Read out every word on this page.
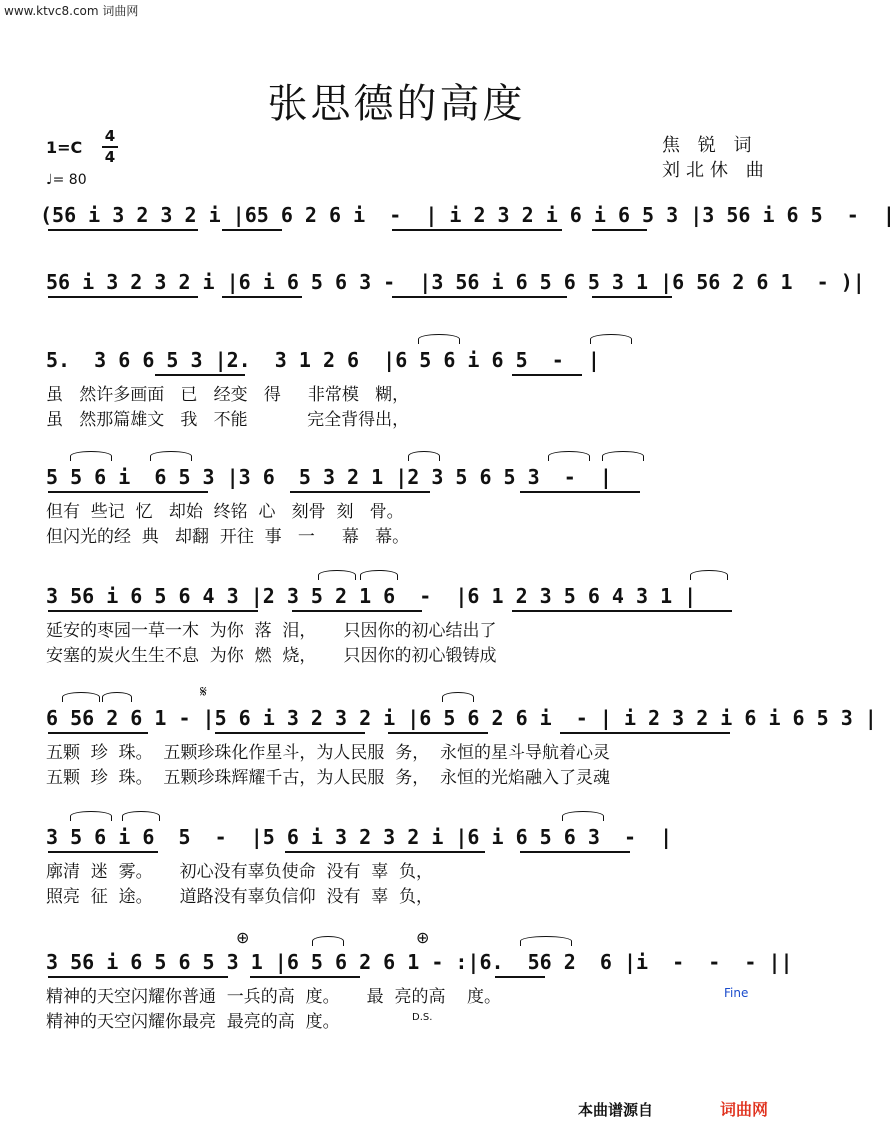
www.ktvc8.com 词曲网
张思德的高度
1=C
4
4
♩= 80
焦 锐 词
刘北休 曲
(56 i 3 2 3 2 i |65 6 2 6 i  -  | i 2 3 2 i 6 i 6 5 3 |3 56 i 6 5  -  |
56 i 3 2 3 2 i |6 i 6 5 6 3 -  |3 56 i 6 5 6 5 3 1 |6 56 2 6 1  - )|
5.  3 6 6 5 3 |2.  3 1 2 6  |6 5 6 i 6 5  -  |
虽   然许多画面   已   经变   得     非常模   糊，
虽   然那篇雄文   我   不能           完全背得出，
5 5 6 i  6 5 3 |3 6  5 3 2 1 |2 3 5 6 5 3  -  |
但有  些记  忆   却始  终铭  心   刻骨  刻   骨。
但闪光的经  典   却翻  开往  事   一     幕   幕。
3 56 i 6 5 6 4 3 |2 3 5 2 1 6  -  |6 1 2 3 5 6 4 3 1 |
延安的枣园一草一木  为你  落  泪，     只因你的初心结出了
安塞的炭火生生不息  为你  燃  烧，     只因你的初心锻铸成
𝄋
6 56 2 6 1 - |5 6 i 3 2 3 2 i |6 5 6 2 6 i  - | i 2 3 2 i 6 i 6 5 3 |
五颗  珍  珠。  五颗珍珠化作星斗，为人民服  务，  永恒的星斗导航着心灵
五颗  珍  珠。  五颗珍珠辉耀千古，为人民服  务，  永恒的光焰融入了灵魂
3 5 6 i 6  5  -  |5 6 i 3 2 3 2 i |6 i 6 5 6 3  -  |
廓清  迷  雾。     初心没有辜负使命  没有  辜  负，
照亮  征  途。     道路没有辜负信仰  没有  辜  负，
⊕	⊕
3 56 i 6 5 6 5 3 1 |6 5 6 2 6 1 - :|6.  56 2  6 |i  -  -  - ||
精神的天空闪耀你普通  一兵的高  度。     最  亮的高    度。
精神的天空闪耀你最亮  最亮的高  度。
Fine
D.S.
本曲谱源自	词曲网
